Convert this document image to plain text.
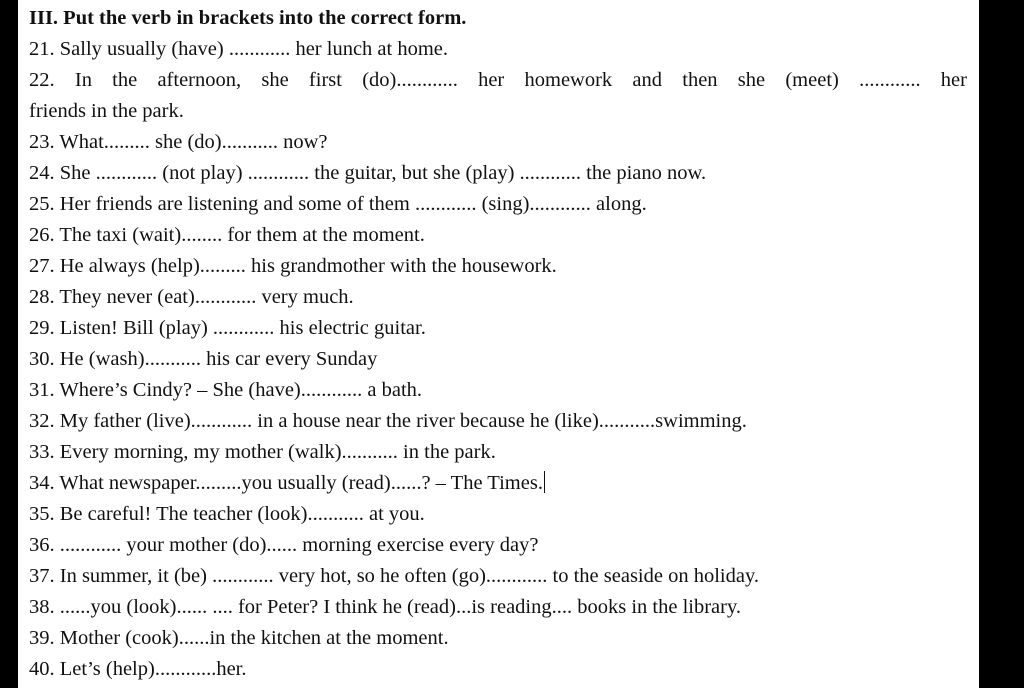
III. Put the verb in brackets into the correct form.
21. Sally usually (have) ............ her lunch at home.
22. In the afternoon, she first (do)............ her homework and then she (meet) ............ her
friends in the park.
23. What......... she (do)........... now?
24. She ............ (not play) ............ the guitar, but she (play) ............ the piano now.
25. Her friends are listening and some of them ............ (sing)............ along.
26. The taxi (wait)........ for them at the moment.
27. He always (help)......... his grandmother with the housework.
28. They never (eat)............ very much.
29. Listen! Bill (play) ............ his electric guitar.
30. He (wash)........... his car every Sunday
31. Where’s Cindy? – She (have)............ a bath.
32. My father (live)............ in a house near the river because he (like)...........swimming.
33. Every morning, my mother (walk)........... in the park.
34. What newspaper.........you usually (read)......? – The Times.
35. Be careful! The teacher (look)........... at you.
36. ............ your mother (do)...... morning exercise every day?
37. In summer, it (be) ............ very hot, so he often (go)............ to the seaside on holiday.
38. ......you (look)...... .... for Peter? I think he (read)...is reading.... books in the library.
39. Mother (cook)......in the kitchen at the moment.
40. Let’s (help)............her.
